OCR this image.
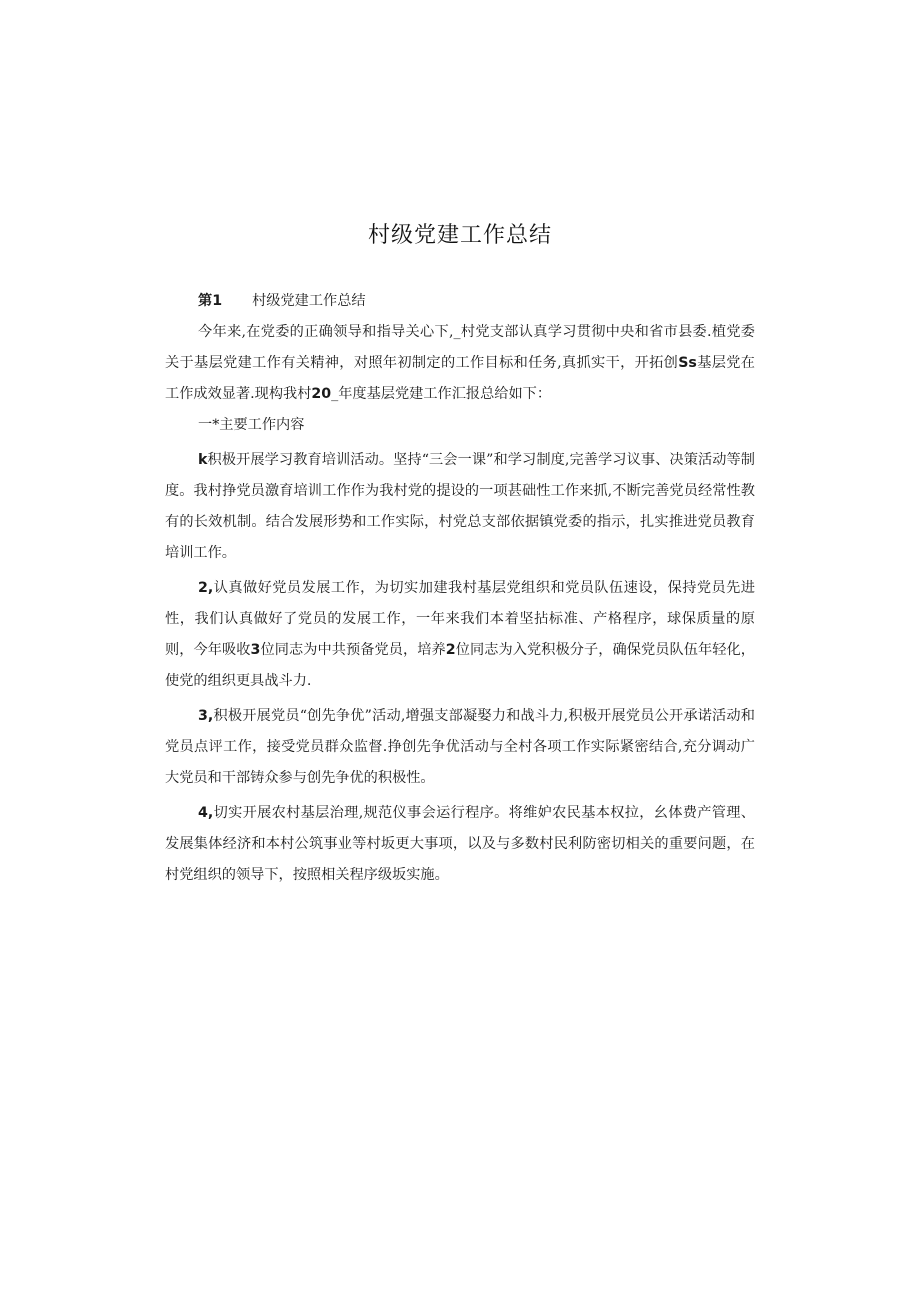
村级党建工作总结

第1 村级党建工作总结

今年来,在党委的正确领导和指导关心下,_村党支部认真学习贯彻中央和省市县委.植党委关于基层党建工作有关精神，对照年初制定的工作目标和任务,真抓实干，开拓创Ss基层党在工作成效显著.现构我村20_年度基层党建工作汇报总给如下：

一*主要工作内容

k积极开展学习教育培训活动。坚持“三会一课”和学习制度,完善学习议事、决策活动等制度。我村挣党员激育培训工作作为我村党的提设的一项甚础性工作来抓,不断完善党员经常性教有的长效机制。结合发展形势和工作实际，村党总支部依据镇党委的指示，扎实推进党员教育培训工作。

2,认真做好党员发展工作，为切实加建我村基层党组织和党员队伍速设，保持党员先进性，我们认真做好了党员的发展工作，一年来我们本着坚拈标准、产格程序，球保质量的原则，今年吸收3位同志为中共预备党员，培养2位同志为入党积极分子，确保党员队伍年轻化，使党的组织更具战斗力.

3,积极开展党员“创先争优”活动,增强支部凝娶力和战斗力,积极开展党员公开承诺活动和党员点评工作，接受党员群众监督.挣创先争优活动与全村各项工作实际紧密结合,充分调动广大党员和干部铸众参与创先争优的积极性。

4,切实开展农村基层治理,规范仪事会运行程序。将维妒农民基本权拉，幺体费产管理、发展集体经济和本村公筑事业等村坂更大事项，以及与多数村民利防密切相关的重要问题，在村党组织的领导下，按照相关程序级坂实施。
